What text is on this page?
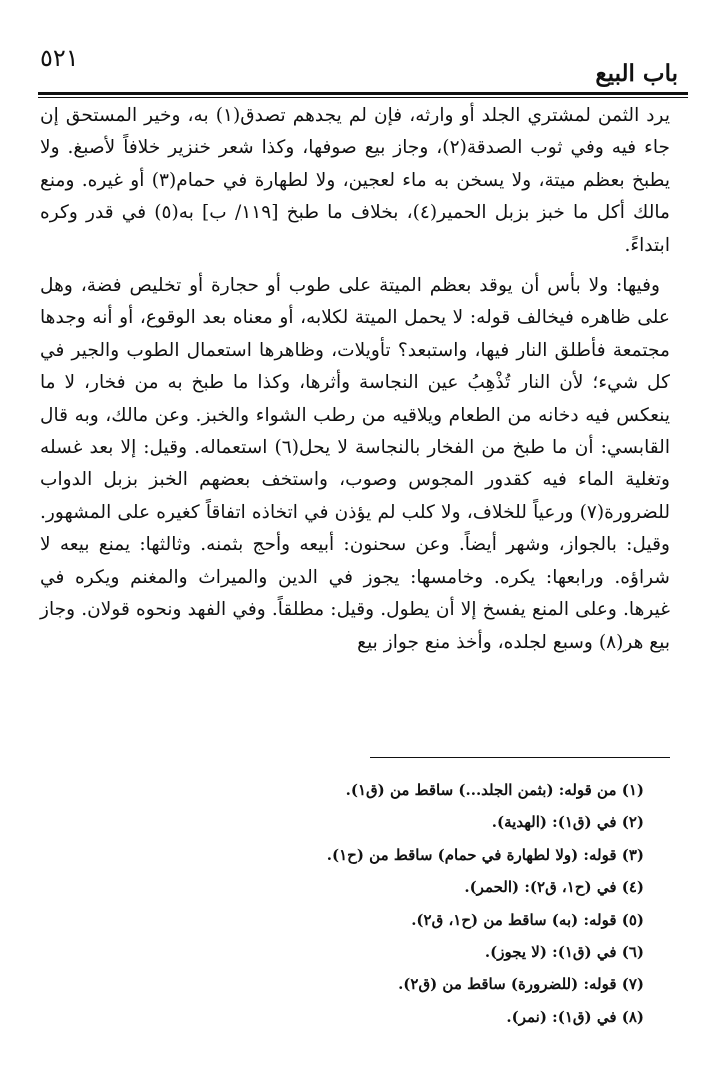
٥٢١
باب البيع

يرد الثمن لمشتري الجلد أو وارثه، فإن لم يجدهم تصدق(١) به، وخير المستحق إن جاء فيه وفي ثوب الصدقة(٢)، وجاز بيع صوفها، وكذا شعر خنزير خلافاً لأصبغ. ولا يطبخ بعظم ميتة، ولا يسخن به ماء لعجين، ولا لطهارة في حمام(٣) أو غيره. ومنع مالك أكل ما خبز بزبل الحمير(٤)، بخلاف ما طبخ [١١٩/ ب] به(٥) في قدر وكره ابتداءً.

وفيها: ولا بأس أن يوقد بعظم الميتة على طوب أو حجارة أو تخليص فضة، وهل على ظاهره فيخالف قوله: لا يحمل الميتة لكلابه، أو معناه بعد الوقوع، أو أنه وجدها مجتمعة فأطلق النار فيها، واستبعد؟ تأويلات، وظاهرها استعمال الطوب والجير في كل شيء؛ لأن النار تُذْهِبُ عين النجاسة وأثرها، وكذا ما طبخ به من فخار، لا ما ينعكس فيه دخانه من الطعام ويلاقيه من رطب الشواء والخبز. وعن مالك، وبه قال القابسي: أن ما طبخ من الفخار بالنجاسة لا يحل(٦) استعماله. وقيل: إلا بعد غسله وتغلية الماء فيه كقدور المجوس وصوب، واستخف بعضهم الخبز بزبل الدواب للضرورة(٧) ورعياً للخلاف، ولا كلب لم يؤذن في اتخاذه اتفاقاً كغيره على المشهور. وقيل: بالجواز، وشهر أيضاً. وعن سحنون: أبيعه وأحج بثمنه. وثالثها: يمنع بيعه لا شراؤه. ورابعها: يكره. وخامسها: يجوز في الدين والميراث والمغنم ويكره في غيرها. وعلى المنع يفسخ إلا أن يطول. وقيل: مطلقاً. وفي الفهد ونحوه قولان. وجاز بيع هر(٨) وسبع لجلده، وأخذ منع جواز بيع

(١) من قوله: (بثمن الجلد...) ساقط من (ق١).
(٢) في (ق١): (الهدية).
(٣) قوله: (ولا لطهارة في حمام) ساقط من (ح١).
(٤) في (ح١، ق٢): (الحمر).
(٥) قوله: (به) ساقط من (ح١، ق٢).
(٦) في (ق١): (لا يجوز).
(٧) قوله: (للضرورة) ساقط من (ق٢).
(٨) في (ق١): (نمر).
